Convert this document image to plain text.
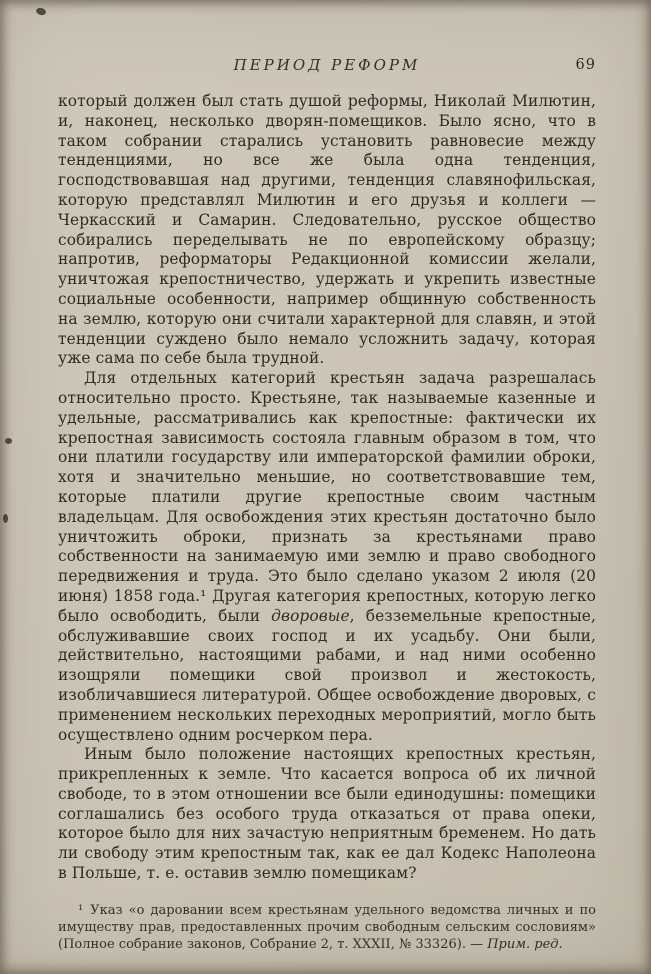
ПЕРИОД РЕФОРМ	69

который должен был стать душой реформы, Николай Милютин, и, наконец, несколько дворян-помещиков. Было ясно, что в таком собрании старались установить равновесие между тенденциями, но все же была одна тенденция, господствовавшая над другими, тенденция славянофильская, которую представлял Милютин и его друзья и коллеги — Черкасский и Самарин. Следовательно, русское общество собирались переделывать не по европейскому образцу; напротив, реформаторы Редакционной комиссии желали, уничтожая крепостничество, удержать и укрепить известные социальные особенности, например общинную собственность на землю, которую они считали характерной для славян, и этой тенденции суждено было немало усложнить задачу, которая уже сама по себе была трудной.

Для отдельных категорий крестьян задача разрешалась относительно просто. Крестьяне, так называемые казенные и удельные, рассматривались как крепостные: фактически их крепостная зависимость состояла главным образом в том, что они платили государству или императорской фамилии оброки, хотя и значительно меньшие, но соответствовавшие тем, которые платили другие крепостные своим частным владельцам. Для освобождения этих крестьян достаточно было уничтожить оброки, признать за крестьянами право собственности на занимаемую ими землю и право свободного передвижения и труда. Это было сделано указом 2 июля (20 июня) 1858 года.¹ Другая категория крепостных, которую легко было освободить, были дворовые, безземельные крепостные, обслуживавшие своих господ и их усадьбу. Они были, действительно, настоящими рабами, и над ними особенно изощряли помещики свой произвол и жестокость, изобличавшиеся литературой. Общее освобождение дворовых, с применением нескольких переходных мероприятий, могло быть осуществлено одним росчерком пера.

Иным было положение настоящих крепостных крестьян, прикрепленных к земле. Что касается вопроса об их личной свободе, то в этом отношении все были единодушны: помещики соглашались без особого труда отказаться от права опеки, которое было для них зачастую неприятным бременем. Но дать ли свободу этим крепостным так, как ее дал Кодекс Наполеона в Польше, т. е. оставив землю помещикам?

¹ Указ «о даровании всем крестьянам удельного ведомства личных и по имуществу прав, предоставленных прочим свободным сельским сословиям» (Полное собрание законов, Собрание 2, т. XXXII, № 33326). — Прим. ред.
